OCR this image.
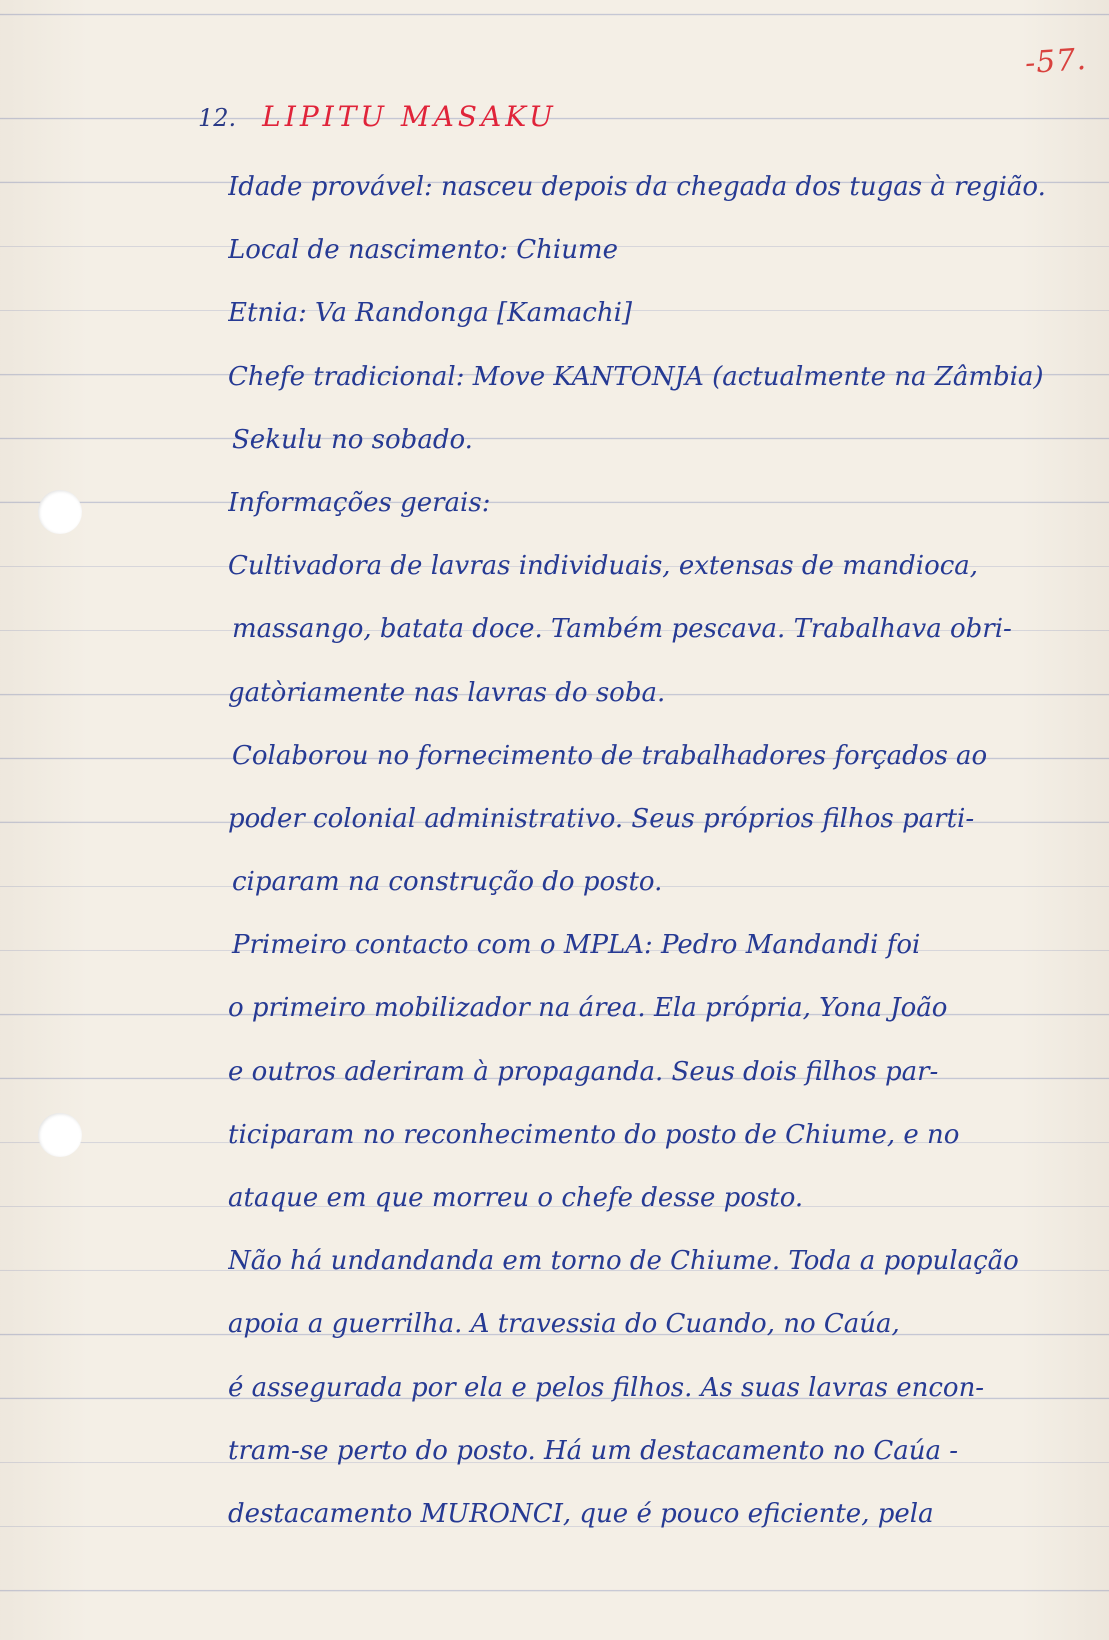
-57.
12. LIPITU MASAKU
Idade provável: nasceu depois da chegada dos tugas à região.
Local de nascimento: Chiume
Etnia: Va Randonga [Kamachi]
Chefe tradicional: Move KANTONJA (actualmente na Zâmbia)
Sekulu no sobado.
Informações gerais:
Cultivadora de lavras individuais, extensas de mandioca,
massango, batata doce. Também pescava. Trabalhava obri-
gatòriamente nas lavras do soba.
Colaborou no fornecimento de trabalhadores forçados ao
poder colonial administrativo. Seus próprios filhos parti-
ciparam na construção do posto.
Primeiro contacto com o MPLA: Pedro Mandandi foi
o primeiro mobilizador na área. Ela própria, Yona João
e outros aderiram à propaganda. Seus dois filhos par-
ticiparam no reconhecimento do posto de Chiume, e no
ataque em que morreu o chefe desse posto.
Não há undandanda em torno de Chiume. Toda a população
apoia a guerrilha. A travessia do Cuando, no Caúa,
é assegurada por ela e pelos filhos. As suas lavras encon-
tram-se perto do posto. Há um destacamento no Caúa -
destacamento MURONCI, que é pouco eficiente, pela
